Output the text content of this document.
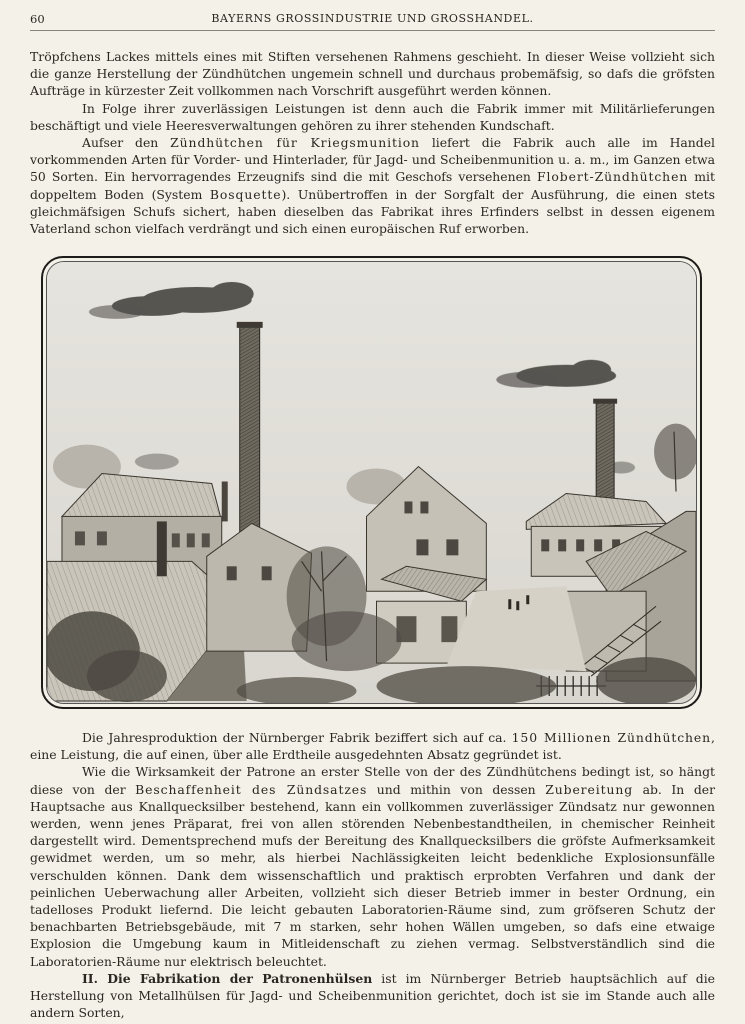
60	BAYERNS GROSSINDUSTRIE UND GROSSHANDEL.

Tröpfchens Lackes mittels eines mit Stiften versehenen Rahmens geschieht. In dieser Weise vollzieht sich die ganze Herstellung der Zündhütchen ungemein schnell und durchaus probemäfsig, so dafs die gröfsten Aufträge in kürzester Zeit vollkommen nach Vorschrift ausgeführt werden können.

In Folge ihrer zuverlässigen Leistungen ist denn auch die Fabrik immer mit Militärlieferungen beschäftigt und viele Heeresverwaltungen gehören zu ihrer stehenden Kundschaft.

Aufser den Zündhütchen für Kriegsmunition liefert die Fabrik auch alle im Handel vorkommenden Arten für Vorder- und Hinterlader, für Jagd- und Scheibenmunition u. a. m., im Ganzen etwa 50 Sorten. Ein hervorragendes Erzeugnifs sind die mit Geschofs versehenen Flobert-Zündhütchen mit doppeltem Boden (System Bosquette). Unübertroffen in der Sorgfalt der Ausführung, die einen stets gleichmäfsigen Schufs sichert, haben dieselben das Fabrikat ihres Erfinders selbst in dessen eigenem Vaterland schon vielfach verdrängt und sich einen europäischen Ruf erworben.

Die Jahresproduktion der Nürnberger Fabrik beziffert sich auf ca. 150 Millionen Zündhütchen, eine Leistung, die auf einen, über alle Erdtheile ausgedehnten Absatz gegründet ist.

Wie die Wirksamkeit der Patrone an erster Stelle von der des Zündhütchens bedingt ist, so hängt diese von der Beschaffenheit des Zündsatzes und mithin von dessen Zubereitung ab. In der Hauptsache aus Knallquecksilber bestehend, kann ein vollkommen zuverlässiger Zündsatz nur gewonnen werden, wenn jenes Präparat, frei von allen störenden Nebenbestandtheilen, in chemischer Reinheit dargestellt wird. Dementsprechend mufs der Bereitung des Knallquecksilbers die gröfste Aufmerksamkeit gewidmet werden, um so mehr, als hierbei Nachlässigkeiten leicht bedenkliche Explosionsunfälle verschulden können. Dank dem wissenschaftlich und praktisch erprobten Verfahren und dank der peinlichen Ueberwachung aller Arbeiten, vollzieht sich dieser Betrieb immer in bester Ordnung, ein tadelloses Produkt liefernd. Die leicht gebauten Laboratorien-Räume sind, zum gröfseren Schutz der benachbarten Betriebsgebäude, mit 7 m starken, sehr hohen Wällen umgeben, so dafs eine etwaige Explosion die Umgebung kaum in Mitleidenschaft zu ziehen vermag. Selbstverständlich sind die Laboratorien-Räume nur elektrisch beleuchtet.

II. Die Fabrikation der Patronenhülsen ist im Nürnberger Betrieb hauptsächlich auf die Herstellung von Metallhülsen für Jagd- und Scheibenmunition gerichtet, doch ist sie im Stande auch alle andern Sorten,
